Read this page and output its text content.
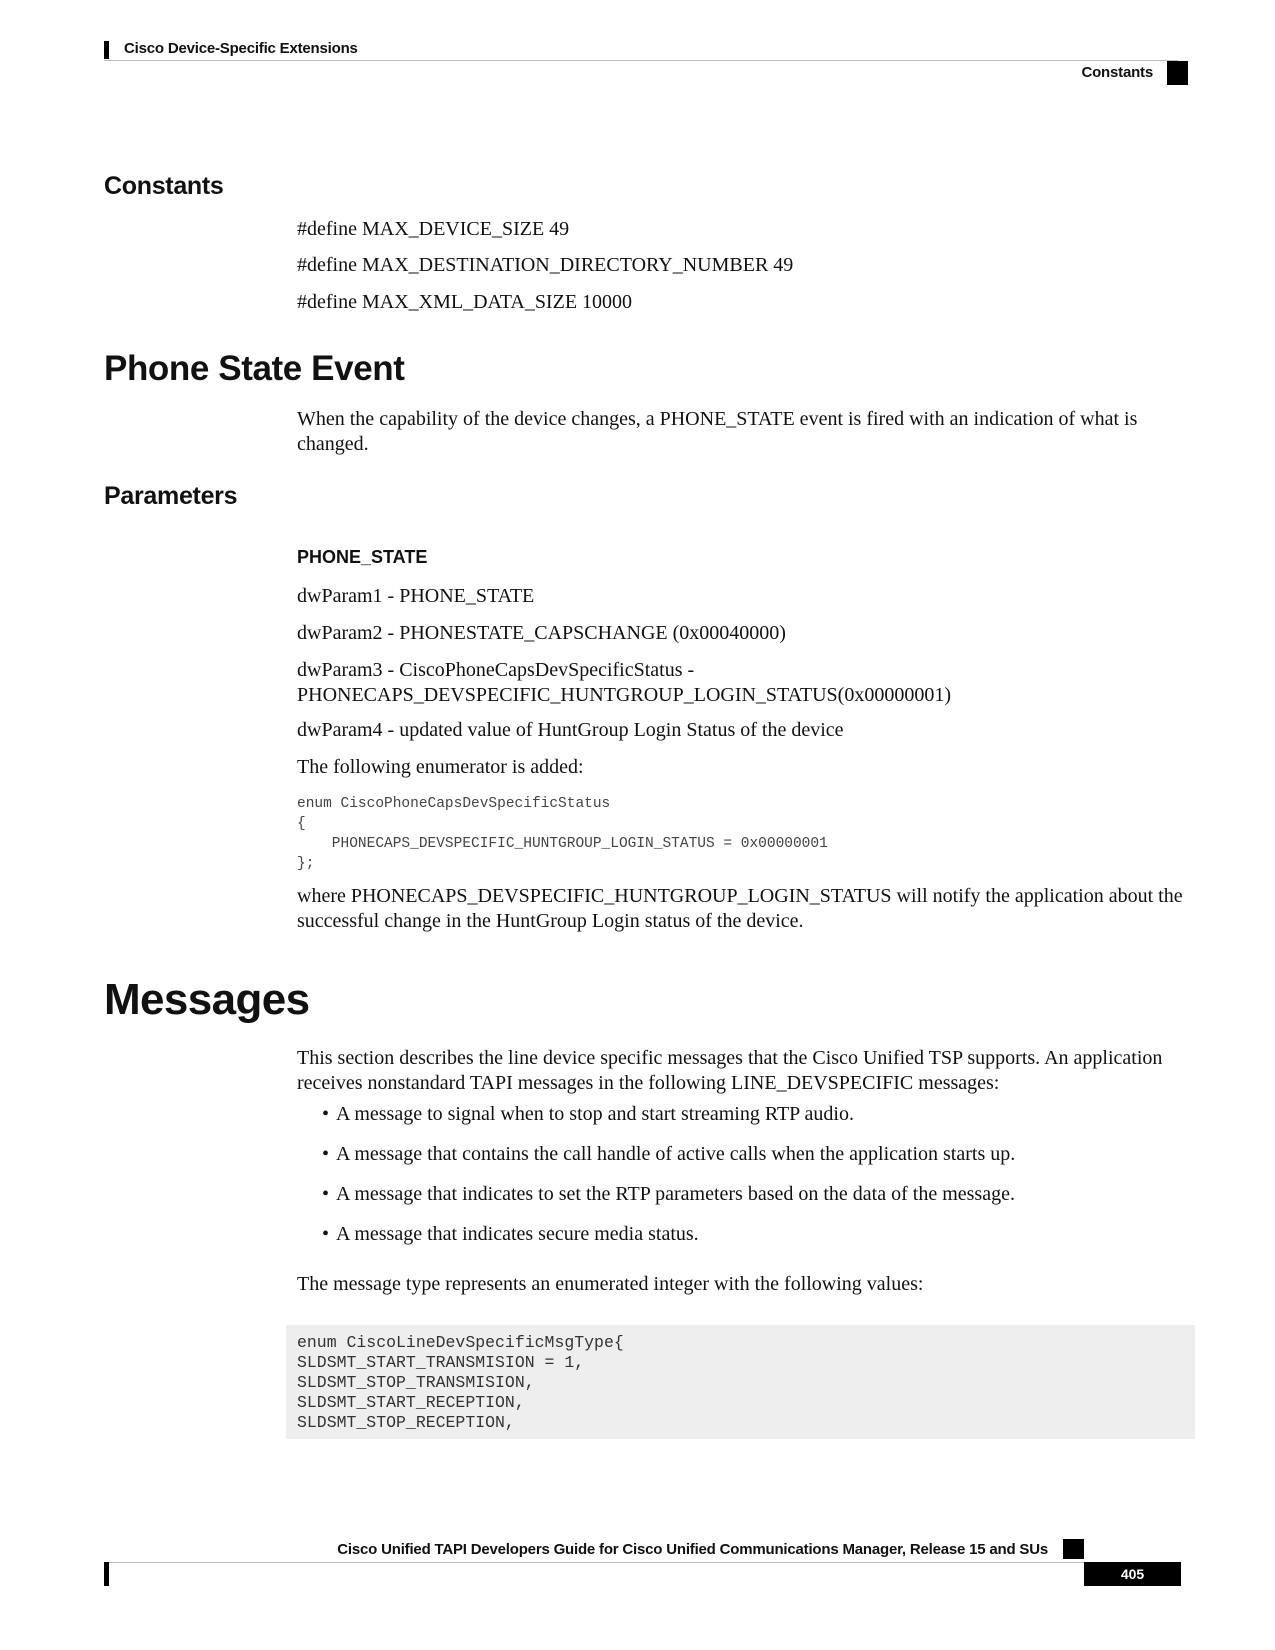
Cisco Device-Specific Extensions
Constants
Constants
#define MAX_DEVICE_SIZE 49
#define MAX_DESTINATION_DIRECTORY_NUMBER 49
#define MAX_XML_DATA_SIZE 10000
Phone State Event
When the capability of the device changes, a PHONE_STATE event is fired with an indication of what is changed.
Parameters
PHONE_STATE
dwParam1 - PHONE_STATE
dwParam2 - PHONESTATE_CAPSCHANGE (0x00040000)
dwParam3 - CiscoPhoneCapsDevSpecificStatus - PHONECAPS_DEVSPECIFIC_HUNTGROUP_LOGIN_STATUS(0x00000001)
dwParam4 - updated value of HuntGroup Login Status of the device
The following enumerator is added:
enum CiscoPhoneCapsDevSpecificStatus
{
PHONECAPS_DEVSPECIFIC_HUNTGROUP_LOGIN_STATUS = 0x00000001
};
where PHONECAPS_DEVSPECIFIC_HUNTGROUP_LOGIN_STATUS will notify the application about the successful change in the HuntGroup Login status of the device.
Messages
This section describes the line device specific messages that the Cisco Unified TSP supports. An application receives nonstandard TAPI messages in the following LINE_DEVSPECIFIC messages:
• A message to signal when to stop and start streaming RTP audio.
• A message that contains the call handle of active calls when the application starts up.
• A message that indicates to set the RTP parameters based on the data of the message.
• A message that indicates secure media status.
The message type represents an enumerated integer with the following values:
enum CiscoLineDevSpecificMsgType{
SLDSMT_START_TRANSMISION = 1,
SLDSMT_STOP_TRANSMISION,
SLDSMT_START_RECEPTION,
SLDSMT_STOP_RECEPTION,
Cisco Unified TAPI Developers Guide for Cisco Unified Communications Manager, Release 15 and SUs
405
